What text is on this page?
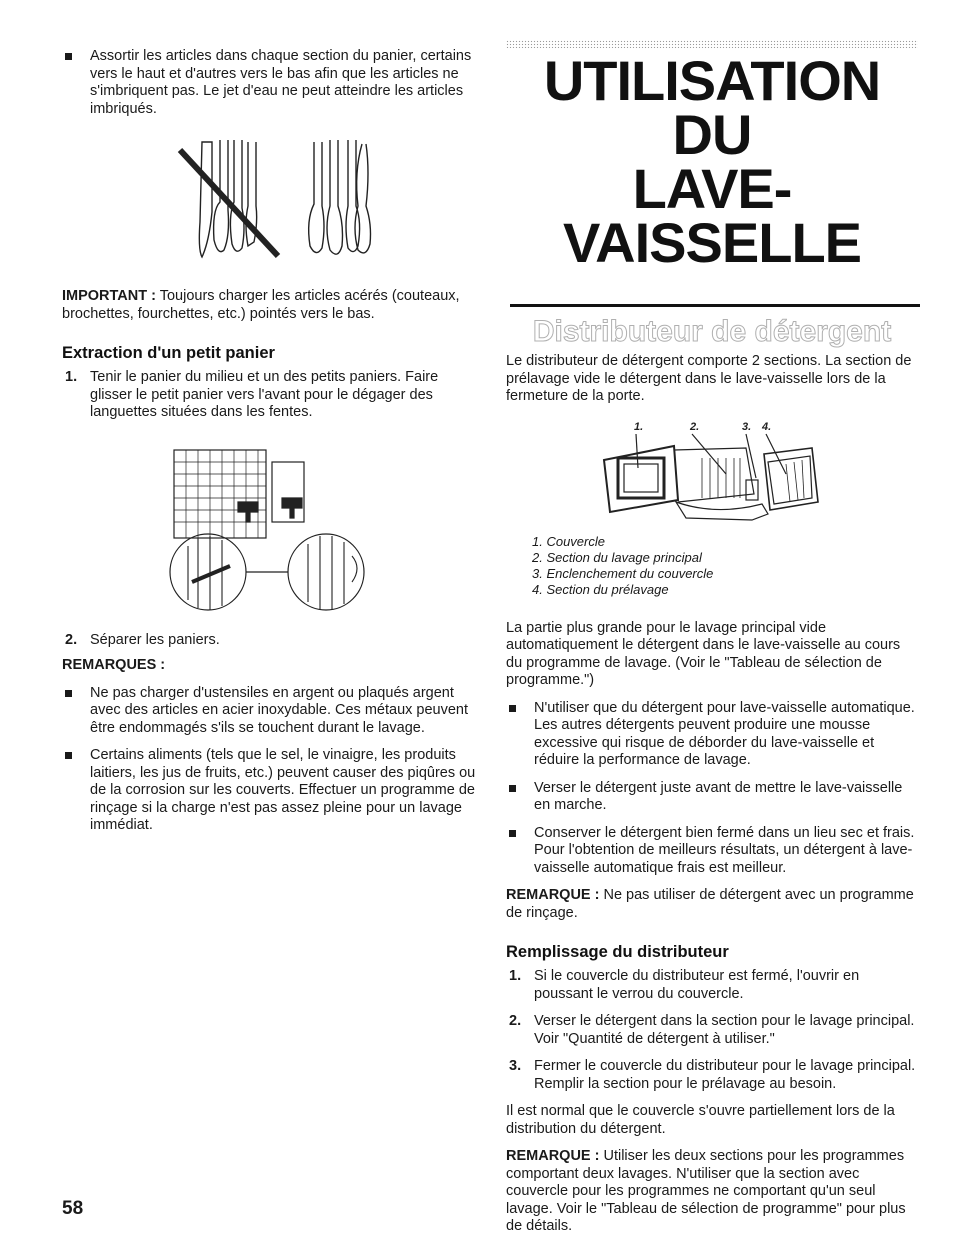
Assortir les articles dans chaque section du panier, certains vers le haut et d'autres vers le bas afin que les articles ne s'imbriquent pas. Le jet d'eau ne peut atteindre les articles imbriqués.

IMPORTANT : Toujours charger les articles acérés (couteaux, brochettes, fourchettes, etc.) pointés vers le bas.

Extraction d'un petit panier
1. Tenir le panier du milieu et un des petits paniers. Faire glisser le petit panier vers l'avant pour le dégager des languettes situées dans les fentes.
2. Séparer les paniers.

REMARQUES :

Ne pas charger d'ustensiles en argent ou plaqués argent avec des articles en acier inoxydable. Ces métaux peuvent être endommagés s'ils se touchent durant le lavage.

Certains aliments (tels que le sel, le vinaigre, les produits laitiers, les jus de fruits, etc.) peuvent causer des piqûres ou de la corrosion sur les couverts. Effectuer un programme de rinçage si la charge n'est pas assez pleine pour un lavage immédiat.

UTILISATION DU
LAVE-VAISSELLE
Distributeur de détergent

Le distributeur de détergent comporte 2 sections. La section de prélavage vide le détergent dans le lave-vaisselle lors de la fermeture de la porte.

1.	2.	3. 4.

1. Couvercle

2. Section du lavage principal

3. Enclenchement du couvercle

4. Section du prélavage

La partie plus grande pour le lavage principal vide automatiquement le détergent dans le lave-vaisselle au cours du programme de lavage. (Voir le "Tableau de sélection de programme.")

N'utiliser que du détergent pour lave-vaisselle automatique. Les autres détergents peuvent produire une mousse excessive qui risque de déborder du lave-vaisselle et réduire la performance de lavage.

Verser le détergent juste avant de mettre le lave-vaisselle en marche.

Conserver le détergent bien fermé dans un lieu sec et frais. Pour l'obtention de meilleurs résultats, un détergent à lave-vaisselle automatique frais est meilleur.

REMARQUE : Ne pas utiliser de détergent avec un programme de rinçage.

Remplissage du distributeur
1. Si le couvercle du distributeur est fermé, l'ouvrir en poussant le verrou du couvercle.
2. Verser le détergent dans la section pour le lavage principal. Voir "Quantité de détergent à utiliser."
3. Fermer le couvercle du distributeur pour le lavage principal. Remplir la section pour le prélavage au besoin.

Il est normal que le couvercle s'ouvre partiellement lors de la distribution du détergent.

REMARQUE : Utiliser les deux sections pour les programmes comportant deux lavages. N'utiliser que la section avec couvercle pour les programmes ne comportant qu'un seul lavage. Voir le "Tableau de sélection de programme" pour plus de détails.

58
